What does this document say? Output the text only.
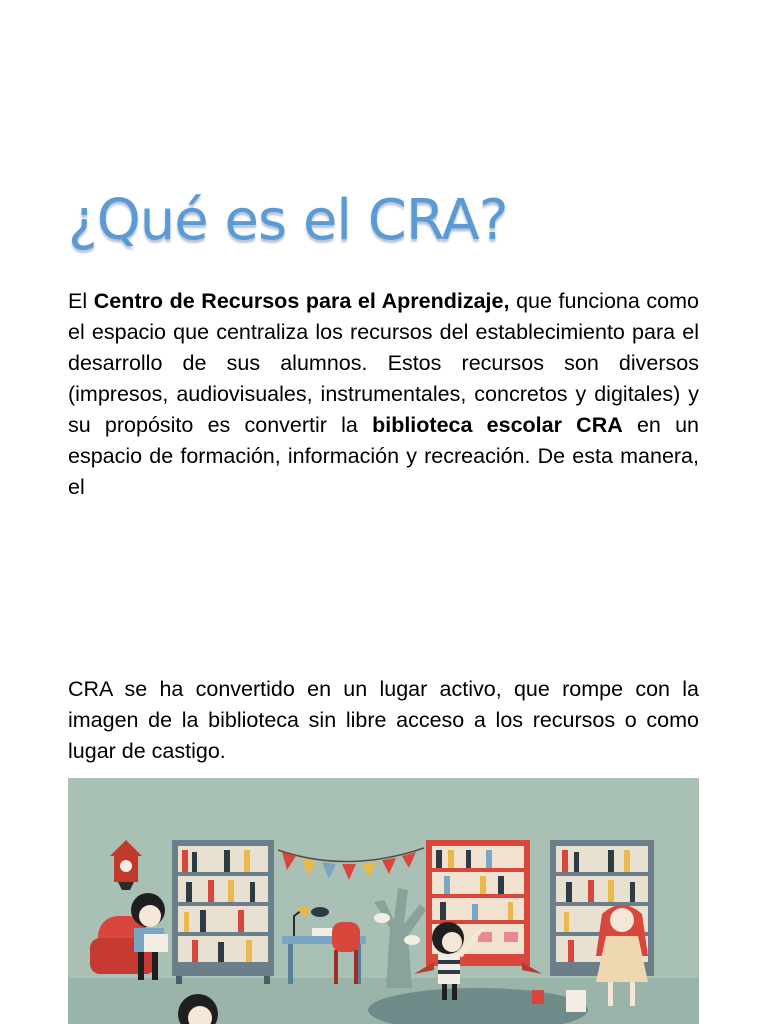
¿Qué es el CRA?

El Centro de Recursos para el Aprendizaje, que funciona como el espacio que centraliza los recursos del establecimiento para el desarrollo de sus alumnos. Estos recursos son diversos (impresos, audiovisuales, instrumentales, concretos y digitales) y su propósito es convertir la biblioteca escolar CRA en un espacio de formación, información y recreación. De esta manera, el

CRA se ha convertido en un lugar activo, que rompe con la imagen de la biblioteca sin libre acceso a los recursos o como lugar de castigo.
